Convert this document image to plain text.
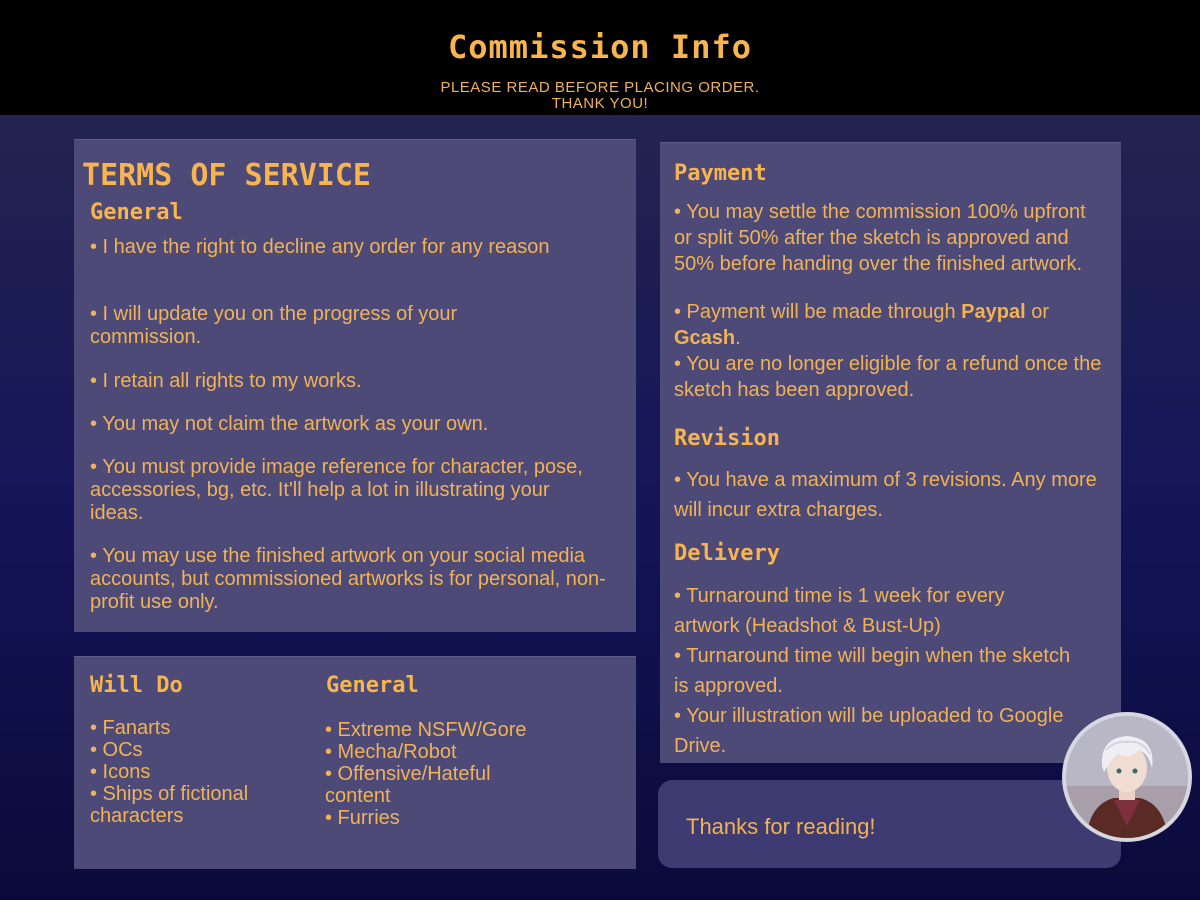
Commission Info
PLEASE READ BEFORE PLACING ORDER.
THANK YOU!
TERMS OF SERVICE
General
• I have the right to decline any order for any reason
• I will update you on the progress of your commission.
• I retain all rights to my works.
• You may not claim the artwork as your own.
• You must provide image reference for character, pose, accessories, bg, etc. It'll help a lot in illustrating your ideas.
• You may use the finished artwork on your social media accounts, but commissioned artworks is for personal, non-profit use only.
Will Do
• Fanarts
• OCs
• Icons
• Ships of fictional characters
General
• Extreme NSFW/Gore
• Mecha/Robot
• Offensive/Hateful content
• Furries
Payment
• You may settle the commission 100% upfront or split 50% after the sketch is approved and 50% before handing over the finished artwork.
• Payment will be made through Paypal or Gcash.
• You are no longer eligible for a refund once the sketch has been approved.
Revision
• You have a maximum of 3 revisions. Any more will incur extra charges.
Delivery
• Turnaround time is 1 week for every artwork (Headshot & Bust-Up)
• Turnaround time will begin when the sketch is approved.
• Your illustration will be uploaded to Google Drive.
Thanks for reading!
